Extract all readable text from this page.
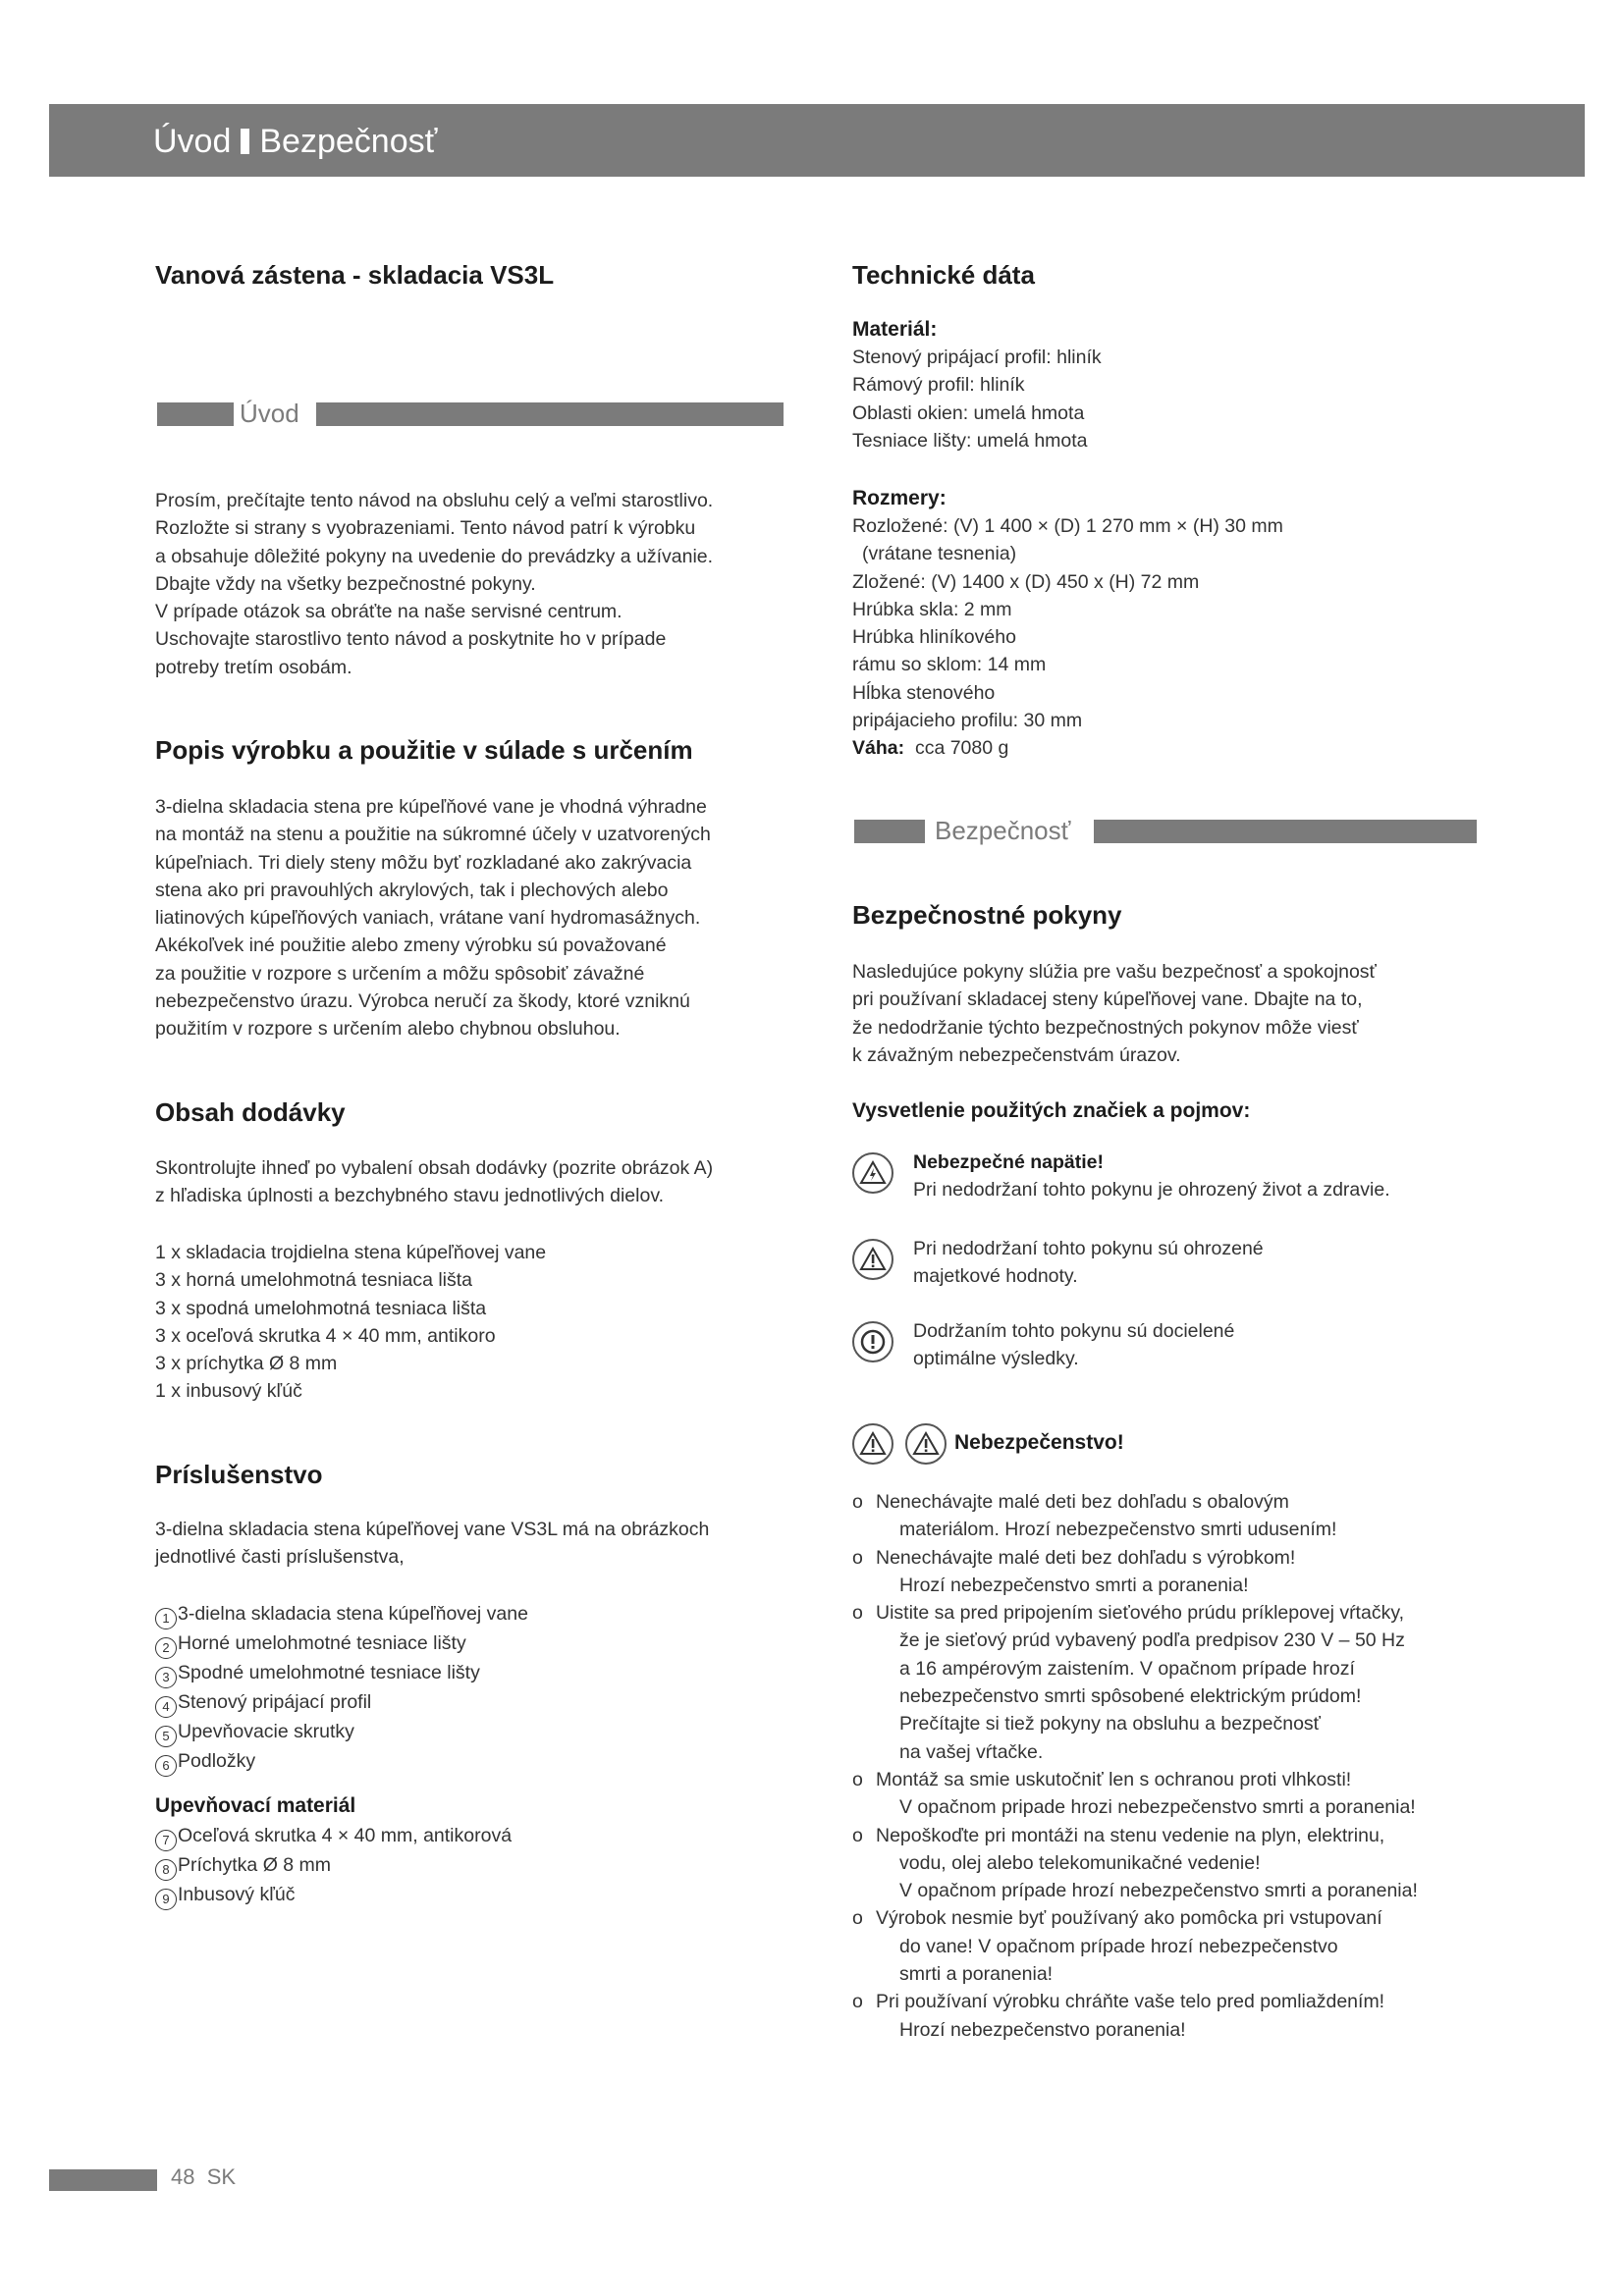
Úvod Bezpečnosť
Vanová zástena - skladacia VS3L
Úvod
Prosím, prečítajte tento návod na obsluhu celý a veľmi starostlivo.
Rozložte si strany s vyobrazeniami. Tento návod patrí k výrobku
a obsahuje dôležité pokyny na uvedenie do prevádzky a užívanie.
Dbajte vždy na všetky bezpečnostné pokyny.
V prípade otázok sa obráťte na naše servisné centrum.
Uschovajte starostlivo tento návod a poskytnite ho v prípade
potreby tretím osobám.
Popis výrobku a použitie v súlade s určením
3-dielna skladacia stena pre kúpeľňové vane je vhodná výhradne
na montáž na stenu a použitie na súkromné účely v uzatvorených
kúpeľniach. Tri diely steny môžu byť rozkladané ako zakrývacia
stena ako pri pravouhlých akrylových, tak i plechových alebo
liatinových kúpeľňových vaniach, vrátane vaní hydromasážnych.
Akékoľvek iné použitie alebo zmeny výrobku sú považované
za použitie v rozpore s určením a môžu spôsobiť závažné
nebezpečenstvo úrazu. Výrobca neručí za škody, ktoré vzniknú
použitím v rozpore s určením alebo chybnou obsluhou.
Obsah dodávky
Skontrolujte ihneď po vybalení obsah dodávky (pozrite obrázok A)
z hľadiska úplnosti a bezchybného stavu jednotlivých dielov.
1 x skladacia trojdielna stena kúpeľňovej vane
3 x horná umelohmotná tesniaca lišta
3 x spodná umelohmotná tesniaca lišta
3 x oceľová skrutka 4 × 40 mm, antikoro
3 x príchytka Ø 8 mm
1 x inbusový kľúč
Príslušenstvo
3-dielna skladacia stena kúpeľňovej vane VS3L má na obrázkoch
jednotlivé časti príslušenstva,
1 3-dielna skladacia stena kúpeľňovej vane
2 Horné umelohmotné tesniace lišty
3 Spodné umelohmotné tesniace lišty
4 Stenový pripájací profil
5 Upevňovacie skrutky
6 Podložky
Upevňovací materiál
7 Oceľová skrutka 4 × 40 mm, antikorová
8 Príchytka Ø 8 mm
9 Inbusový kľúč
Technické dáta
Materiál:
Stenový pripájací profil: hliník
Rámový profil: hliník
Oblasti okien: umelá hmota
Tesniace lišty: umelá hmota
Rozmery:
Rozložené: (V) 1 400 × (D) 1 270 mm × (H) 30 mm
(vrátane tesnenia)
Zložené: (V) 1400 x (D) 450 x (H) 72 mm
Hrúbka skla: 2 mm
Hrúbka hliníkového
rámu so sklom: 14 mm
Hĺbka stenového
pripájacieho profilu: 30 mm
Váha: cca 7080 g
Bezpečnosť
Bezpečnostné pokyny
Nasledujúce pokyny slúžia pre vašu bezpečnosť a spokojnosť
pri používaní skladacej steny kúpeľňovej vane. Dbajte na to,
že nedodržanie týchto bezpečnostných pokynov môže viesť
k závažným nebezpečenstvám úrazov.
Vysvetlenie použitých značiek a pojmov:
Nebezpečné napätie!
Pri nedodržaní tohto pokynu je ohrozený život a zdravie.
Pri nedodržaní tohto pokynu sú ohrozené
majetkové hodnoty.
Dodržaním tohto pokynu sú docielené
optimálne výsledky.
Nebezpečenstvo!
o Nenechávajte malé deti bez dohľadu s obalovým
materiálom. Hrozí nebezpečenstvo smrti udusením!
o Nenechávajte malé deti bez dohľadu s výrobkom!
Hrozí nebezpečenstvo smrti a poranenia!
o Uistite sa pred pripojením sieťového prúdu príklepovej vŕtačky,
že je sieťový prúd vybavený podľa predpisov 230 V – 50 Hz
a 16 ampérovým zaistením. V opačnom prípade hrozí
nebezpečenstvo smrti spôsobené elektrickým prúdom!
Prečítajte si tiež pokyny na obsluhu a bezpečnosť
na vašej vŕtačke.
o Montáž sa smie uskutočniť len s ochranou proti vlhkosti!
V opačnom pripade hrozi nebezpečenstvo smrti a poranenia!
o Nepoškoďte pri montáži na stenu vedenie na plyn, elektrinu,
vodu, olej alebo telekomunikačné vedenie!
V opačnom prípade hrozí nebezpečenstvo smrti a poranenia!
o Výrobok nesmie byť používaný ako pomôcka pri vstupovaní
do vane! V opačnom prípade hrozí nebezpečenstvo
smrti a poranenia!
o Pri používaní výrobku chráňte vaše telo pred pomliaždením!
Hrozí nebezpečenstvo poranenia!
48 SK
